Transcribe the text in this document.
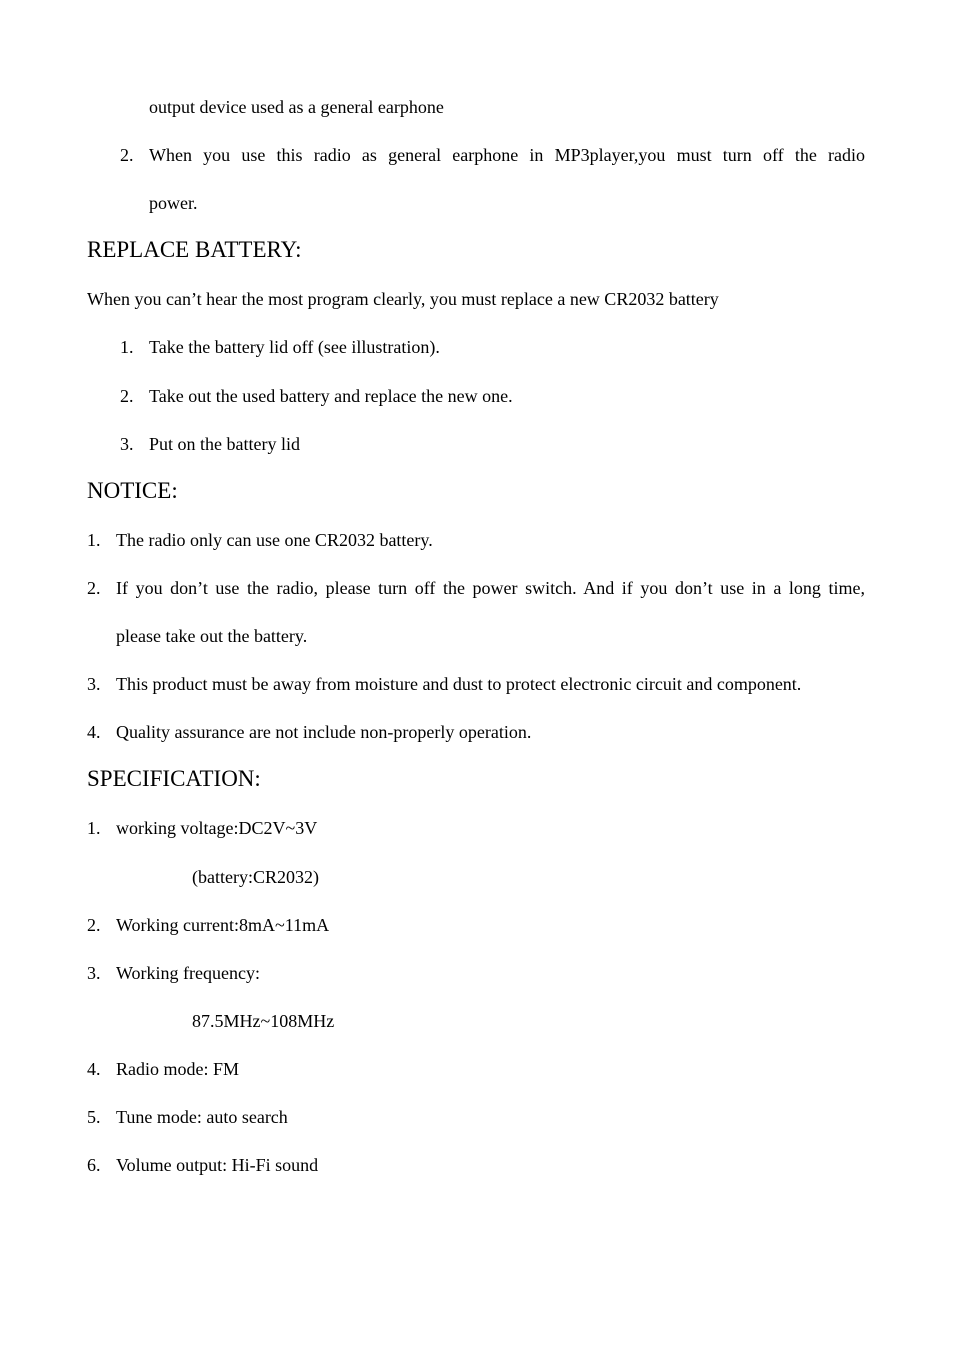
output device used as a general earphone
2. When you use this radio as general earphone in MP3player,you must turn off the radio
power.
REPLACE BATTERY:
When you can’t hear the most program clearly, you must replace a new CR2032 battery
1. Take the battery lid off (see illustration).
2. Take out the used battery and replace the new one.
3. Put on the battery lid
NOTICE:
1. The radio only can use one CR2032 battery.
2. If you don’t use the radio, please turn off the power switch. And if you don’t use in a long time,
please take out the battery.
3. This product must be away from moisture and dust to protect electronic circuit and component.
4. Quality assurance are not include non-properly operation.
SPECIFICATION:
1. working voltage:DC2V~3V
(battery:CR2032)
2. Working current:8mA~11mA
3. Working frequency:
87.5MHz~108MHz
4. Radio mode: FM
5. Tune mode: auto search
6. Volume output: Hi-Fi sound
